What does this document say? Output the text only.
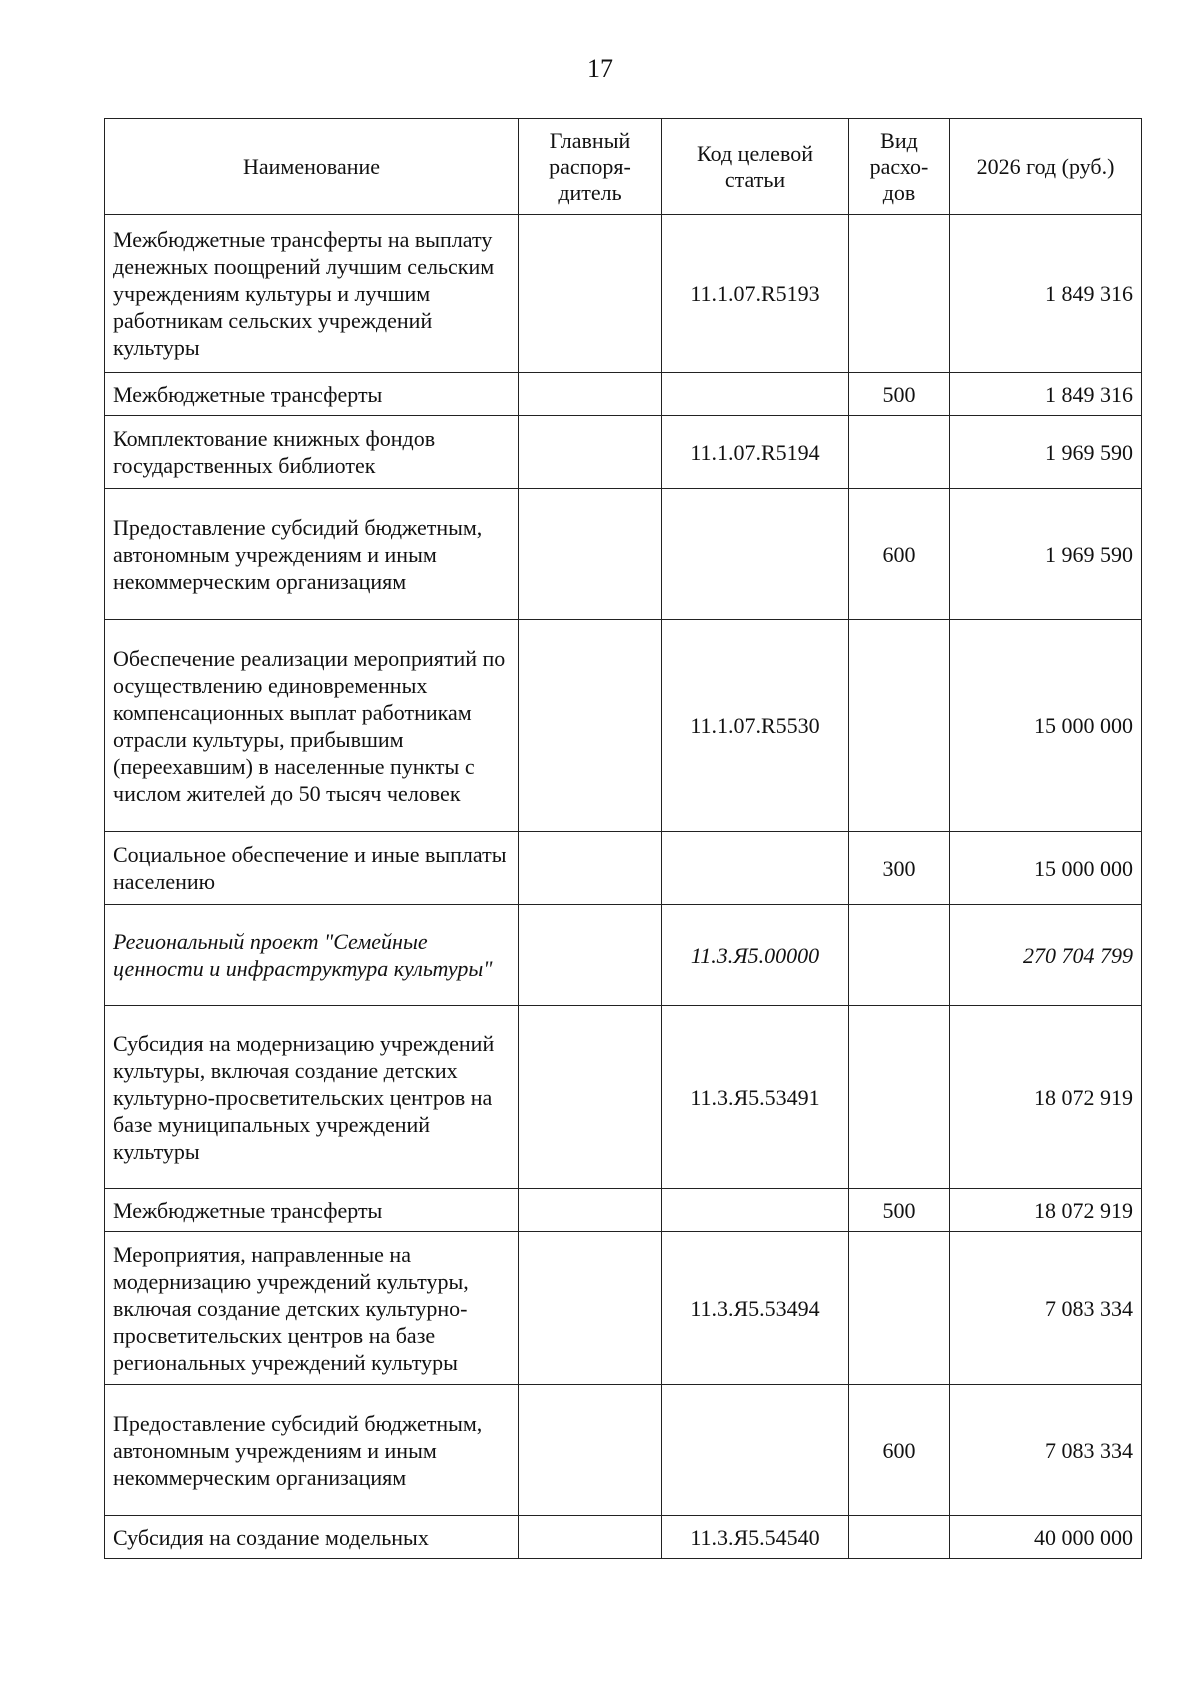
17
Наименование	Главный распоря-дитель	Код целевой статьи	Вид расхо-дов	2026 год (руб.)
Межбюджетные трансферты на выплату денежных поощрений лучшим сельским учреждениям культуры и лучшим работникам сельских учреждений культуры		11.1.07.R5193		1 849 316
Межбюджетные трансферты			500	1 849 316
Комплектование книжных фондов государственных библиотек		11.1.07.R5194		1 969 590
Предоставление субсидий бюджетным, автономным учреждениям и иным некоммерческим организациям			600	1 969 590
Обеспечение реализации мероприятий по осуществлению единовременных компенсационных выплат работникам отрасли культуры, прибывшим (переехавшим) в населенные пункты с числом жителей до 50 тысяч человек		11.1.07.R5530		15 000 000
Социальное обеспечение и иные выплаты населению			300	15 000 000
Региональный проект "Семейные ценности и инфраструктура культуры"		11.3.Я5.00000		270 704 799
Субсидия на модернизацию учреждений культуры, включая создание детских культурно-просветительских центров на базе муниципальных учреждений культуры		11.3.Я5.53491		18 072 919
Межбюджетные трансферты			500	18 072 919
Мероприятия, направленные на модернизацию учреждений культуры, включая создание детских культурно-просветительских центров на базе региональных учреждений культуры		11.3.Я5.53494		7 083 334
Предоставление субсидий бюджетным, автономным учреждениям и иным некоммерческим организациям			600	7 083 334
Субсидия на создание модельных		11.3.Я5.54540		40 000 000
